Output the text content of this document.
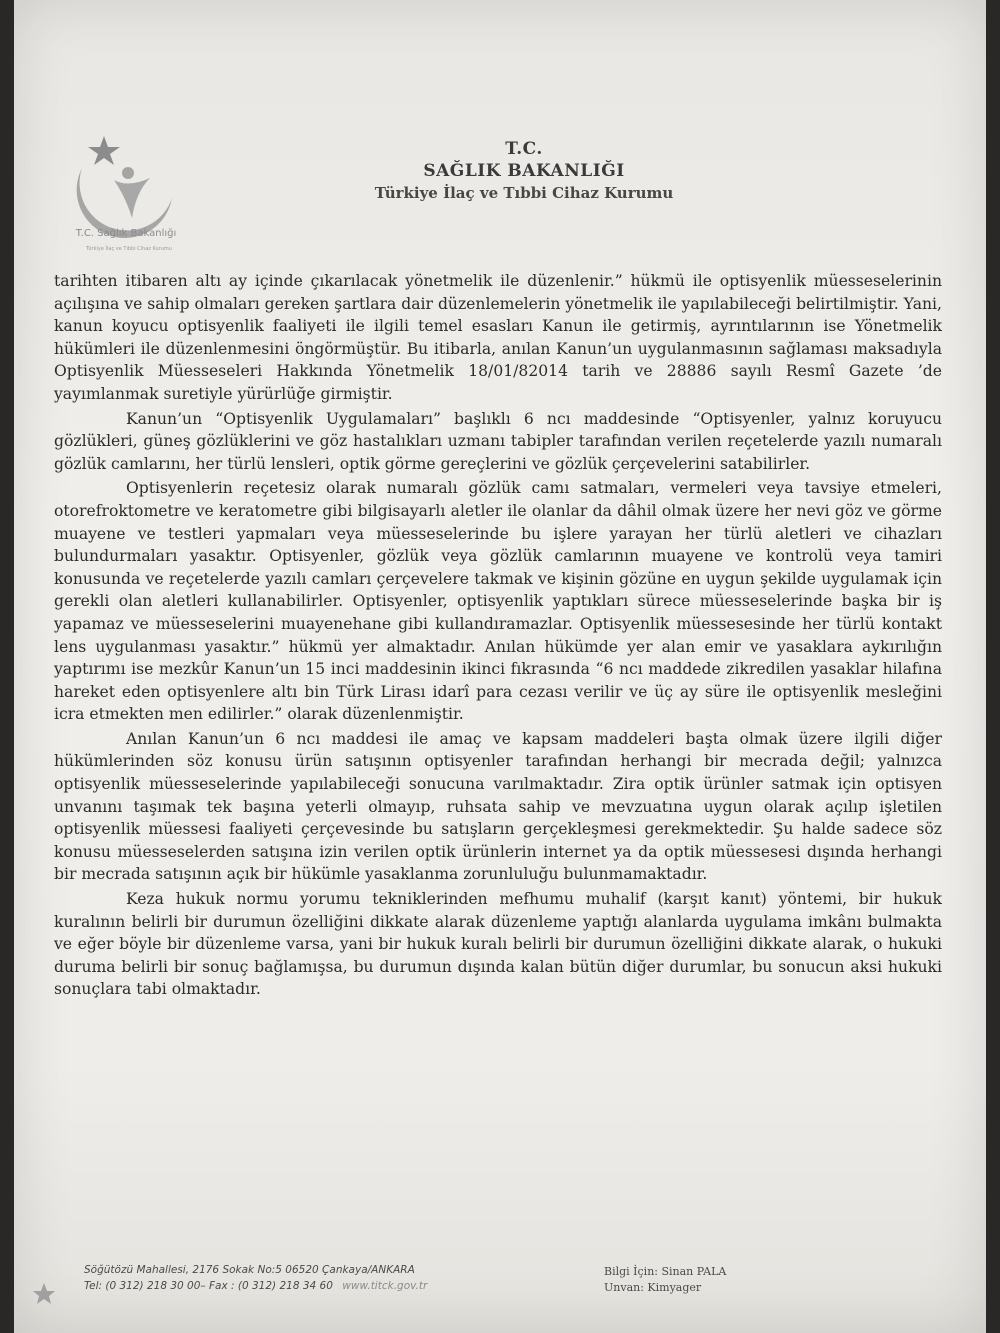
T.C. Sağlık Bakanlığı
Türkiye İlaç ve Tıbbi Cihaz Kurumu
T.C.
SAĞLIK BAKANLIĞI
Türkiye İlaç ve Tıbbi Cihaz Kurumu

tarihten itibaren altı ay içinde çıkarılacak yönetmelik ile düzenlenir.” hükmü ile optisyenlik müesseselerinin açılışına ve sahip olmaları gereken şartlara dair düzenlemelerin yönetmelik ile yapılabileceği belirtilmiştir. Yani, kanun koyucu optisyenlik faaliyeti ile ilgili temel esasları Kanun ile getirmiş, ayrıntılarının ise Yönetmelik hükümleri ile düzenlenmesini öngörmüştür. Bu itibarla, anılan Kanun’un uygulanmasının sağlaması maksadıyla Optisyenlik Müesseseleri Hakkında Yönetmelik 18/01/82014 tarih ve 28886 sayılı Resmî Gazete ’de yayımlanmak suretiyle yürürlüğe girmiştir.

Kanun’un “Optisyenlik Uygulamaları” başlıklı 6 ncı maddesinde “Optisyenler, yalnız koruyucu gözlükleri, güneş gözlüklerini ve göz hastalıkları uzmanı tabipler tarafından verilen reçetelerde yazılı numaralı gözlük camlarını, her türlü lensleri, optik görme gereçlerini ve gözlük çerçevelerini satabilirler.

Optisyenlerin reçetesiz olarak numaralı gözlük camı satmaları, vermeleri veya tavsiye etmeleri, otorefroktometre ve keratometre gibi bilgisayarlı aletler ile olanlar da dâhil olmak üzere her nevi göz ve görme muayene ve testleri yapmaları veya müesseselerinde bu işlere yarayan her türlü aletleri ve cihazları bulundurmaları yasaktır. Optisyenler, gözlük veya gözlük camlarının muayene ve kontrolü veya tamiri konusunda ve reçetelerde yazılı camları çerçevelere takmak ve kişinin gözüne en uygun şekilde uygulamak için gerekli olan aletleri kullanabilirler. Optisyenler, optisyenlik yaptıkları sürece müesseselerinde başka bir iş yapamaz ve müesseselerini muayenehane gibi kullandıramazlar. Optisyenlik müessesesinde her türlü kontakt lens uygulanması yasaktır.” hükmü yer almaktadır. Anılan hükümde yer alan emir ve yasaklara aykırılığın yaptırımı ise mezkûr Kanun’un 15 inci maddesinin ikinci fıkrasında “6 ncı maddede zikredilen yasaklar hilafına hareket eden optisyenlere altı bin Türk Lirası idarî para cezası verilir ve üç ay süre ile optisyenlik mesleğini icra etmekten men edilirler.” olarak düzenlenmiştir.

Anılan Kanun’un 6 ncı maddesi ile amaç ve kapsam maddeleri başta olmak üzere ilgili diğer hükümlerinden söz konusu ürün satışının optisyenler tarafından herhangi bir mecrada değil; yalnızca optisyenlik müesseselerinde yapılabileceği sonucuna varılmaktadır. Zira optik ürünler satmak için optisyen unvanını taşımak tek başına yeterli olmayıp, ruhsata sahip ve mevzuatına uygun olarak açılıp işletilen optisyenlik müessesi faaliyeti çerçevesinde bu satışların gerçekleşmesi gerekmektedir. Şu halde sadece söz konusu müesseselerden satışına izin verilen optik ürünlerin internet ya da optik müessesesi dışında herhangi bir mecrada satışının açık bir hükümle yasaklanma zorunluluğu bulunmamaktadır.

Keza hukuk normu yorumu tekniklerinden mefhumu muhalif (karşıt kanıt) yöntemi, bir hukuk kuralının belirli bir durumun özelliğini dikkate alarak düzenleme yaptığı alanlarda uygulama imkânı bulmakta ve eğer böyle bir düzenleme varsa, yani bir hukuk kuralı belirli bir durumun özelliğini dikkate alarak, o hukuki duruma belirli bir sonuç bağlamışsa, bu durumun dışında kalan bütün diğer durumlar, bu sonucun aksi hukuki sonuçlara tabi olmaktadır.

Söğütözü Mahallesi, 2176 Sokak No:5 06520 Çankaya/ANKARA
Tel: (0 312) 218 30 00– Fax : (0 312) 218 34 60 www.titck.gov.tr
Bilgi İçin: Sinan PALA
Unvan: Kimyager
